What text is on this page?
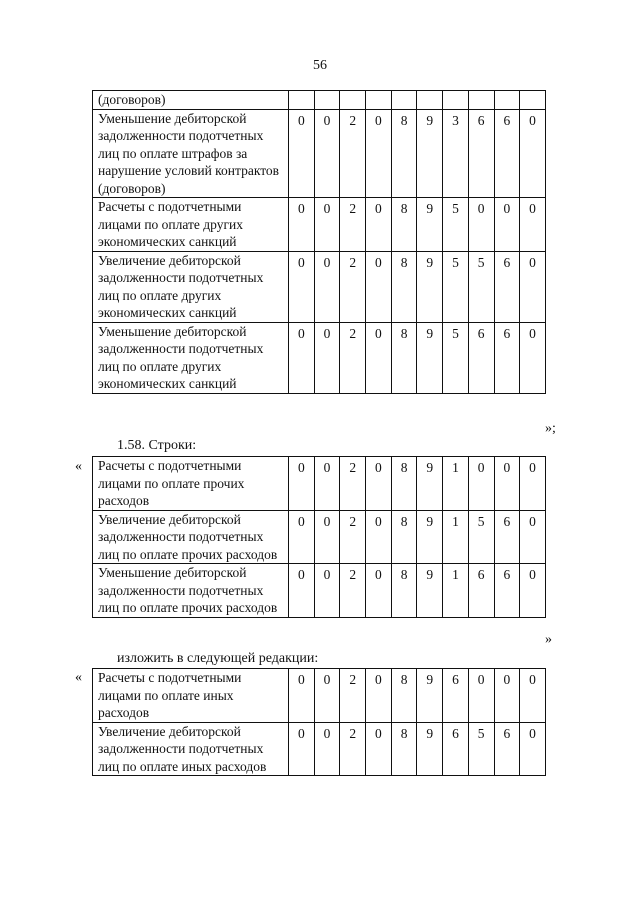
56
(договоров)										
Уменьшение дебиторской задолженности подотчетных лиц по оплате штрафов за нарушение условий контрактов (договоров)	0	0	2	0	8	9	3	6	6	0
Расчеты с подотчетными лицами по оплате других экономических санкций	0	0	2	0	8	9	5	0	0	0
Увеличение дебиторской задолженности подотчетных лиц по оплате других экономических санкций	0	0	2	0	8	9	5	5	6	0
Уменьшение дебиторской задолженности подотчетных лиц по оплате других экономических санкций	0	0	2	0	8	9	5	6	6	0
»;
1.58. Строки:
« Расчеты с подотчетными лицами по оплате прочих расходов	0	0	2	0	8	9	1	0	0	0
Увеличение дебиторской задолженности подотчетных лиц по оплате прочих расходов	0	0	2	0	8	9	1	5	6	0
Уменьшение дебиторской задолженности подотчетных лиц по оплате прочих расходов	0	0	2	0	8	9	1	6	6	0
»
изложить в следующей редакции:
« Расчеты с подотчетными лицами по оплате иных расходов	0	0	2	0	8	9	6	0	0	0
Увеличение дебиторской задолженности подотчетных лиц по оплате иных расходов	0	0	2	0	8	9	6	5	6	0
